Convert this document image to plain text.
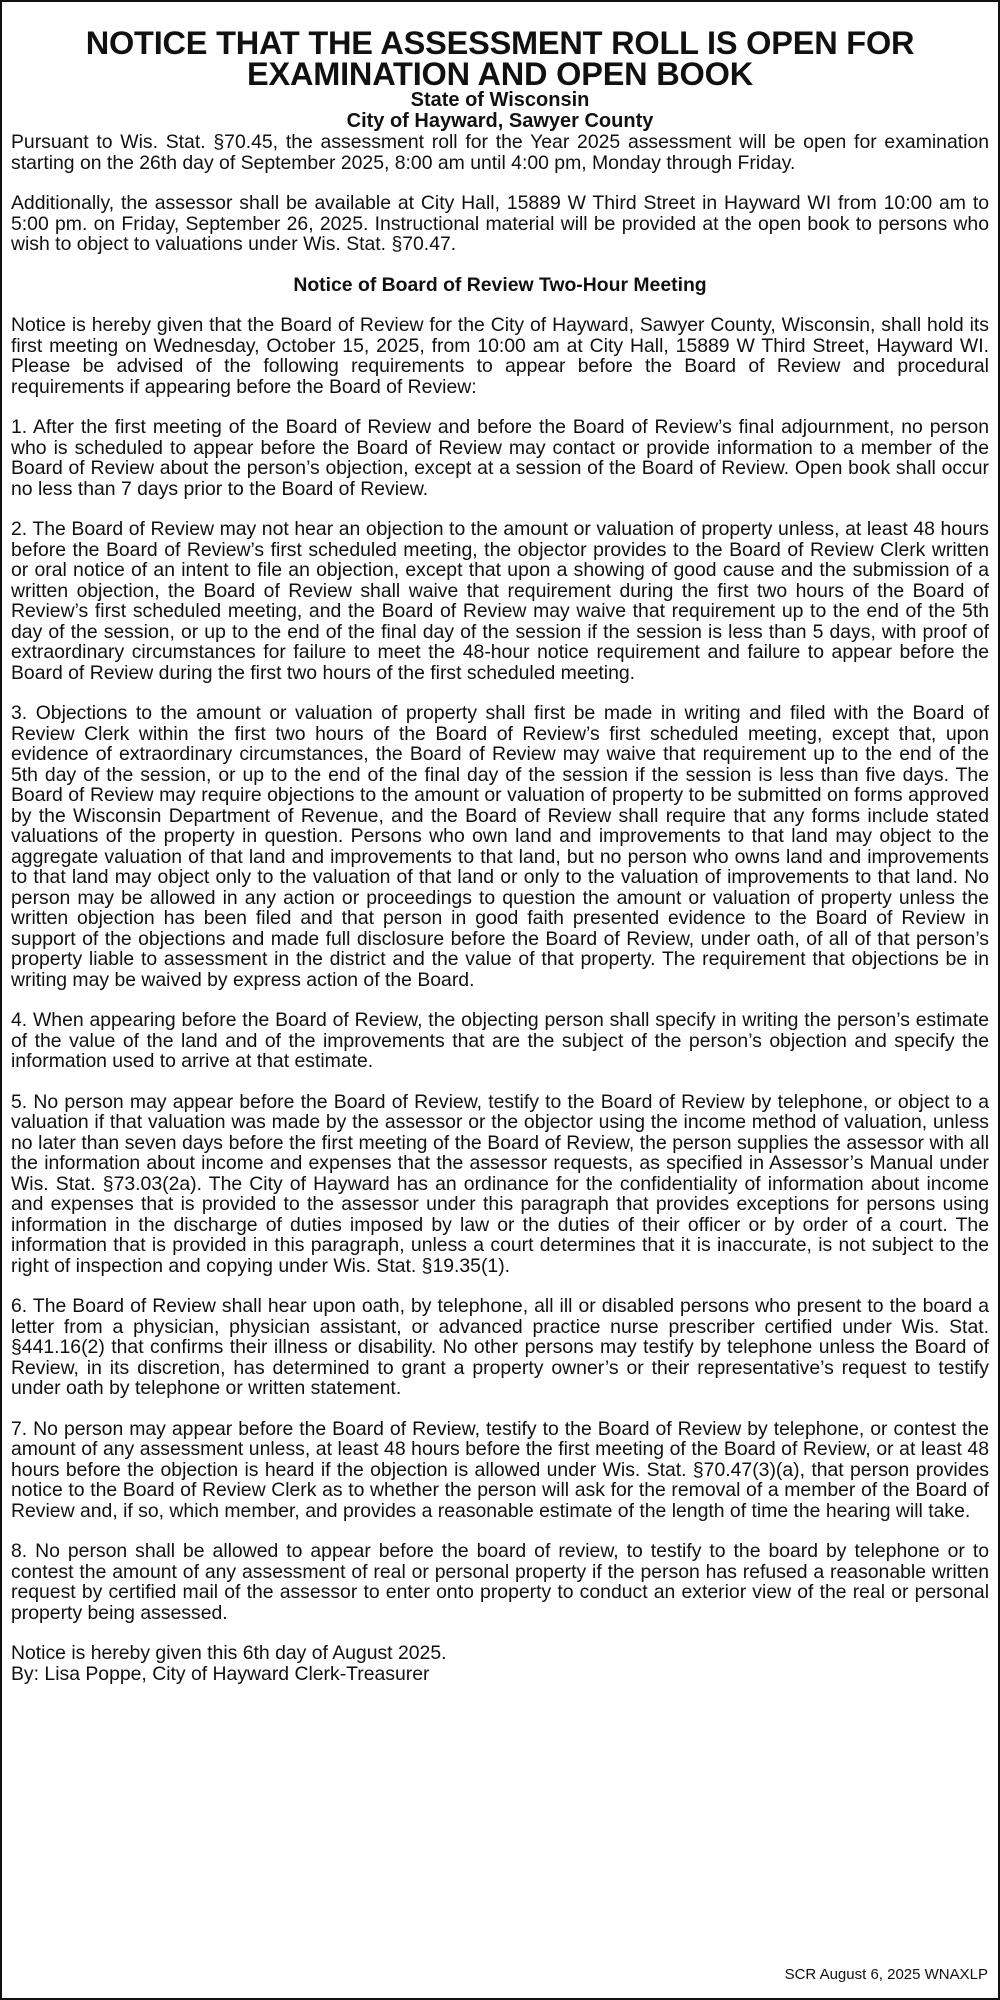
NOTICE THAT THE ASSESSMENT ROLL IS OPEN FOR
EXAMINATION AND OPEN BOOK

State of Wisconsin

City of Hayward, Sawyer County

Pursuant to Wis. Stat. §70.45, the assessment roll for the Year 2025 assessment will be open for examination starting on the 26th day of September 2025, 8:00 am until 4:00 pm, Monday through Friday.

Additionally, the assessor shall be available at City Hall, 15889 W Third Street in Hayward WI from 10:00 am to 5:00 pm. on Friday, September 26, 2025. Instructional material will be provided at the open book to persons who wish to object to valuations under Wis. Stat. §70.47.

Notice of Board of Review Two-Hour Meeting

Notice is hereby given that the Board of Review for the City of Hayward, Sawyer County, Wisconsin, shall hold its first meeting on Wednesday, October 15, 2025, from 10:00 am at City Hall, 15889 W Third Street, Hayward WI. Please be advised of the following requirements to appear before the Board of Review and procedural requirements if appearing before the Board of Review:

1. After the first meeting of the Board of Review and before the Board of Review’s final adjournment, no person who is scheduled to appear before the Board of Review may contact or provide information to a member of the Board of Review about the person’s objection, except at a session of the Board of Review. Open book shall occur no less than 7 days prior to the Board of Review.

2. The Board of Review may not hear an objection to the amount or valuation of property unless, at least 48 hours before the Board of Review’s first scheduled meeting, the objector provides to the Board of Review Clerk written or oral notice of an intent to file an objection, except that upon a showing of good cause and the submission of a written objection, the Board of Review shall waive that requirement during the first two hours of the Board of Review’s first scheduled meeting, and the Board of Review may waive that requirement up to the end of the 5th day of the session, or up to the end of the final day of the session if the session is less than 5 days, with proof of extraordinary circumstances for failure to meet the 48-hour notice requirement and failure to appear before the Board of Review during the first two hours of the first scheduled meeting.

3. Objections to the amount or valuation of property shall first be made in writing and filed with the Board of Review Clerk within the first two hours of the Board of Review’s first scheduled meeting, except that, upon evidence of extraordinary circumstances, the Board of Review may waive that requirement up to the end of the 5th day of the session, or up to the end of the final day of the session if the session is less than five days. The Board of Review may require objections to the amount or valuation of property to be submitted on forms approved by the Wisconsin Department of Revenue, and the Board of Review shall require that any forms include stated valuations of the property in question. Persons who own land and improvements to that land may object to the aggregate valuation of that land and improvements to that land, but no person who owns land and improvements to that land may object only to the valuation of that land or only to the valuation of improvements to that land. No person may be allowed in any action or proceedings to question the amount or valuation of property unless the written objection has been filed and that person in good faith presented evidence to the Board of Review in support of the objections and made full disclosure before the Board of Review, under oath, of all of that person’s property liable to assessment in the district and the value of that property. The requirement that objections be in writing may be waived by express action of the Board.

4. When appearing before the Board of Review, the objecting person shall specify in writing the person’s estimate of the value of the land and of the improvements that are the subject of the person’s objection and specify the information used to arrive at that estimate.

5. No person may appear before the Board of Review, testify to the Board of Review by telephone, or object to a valuation if that valuation was made by the assessor or the objector using the income method of valuation, unless no later than seven days before the first meeting of the Board of Review, the person supplies the assessor with all the information about income and expenses that the assessor requests, as specified in Assessor’s Manual under Wis. Stat. §73.03(2a). The City of Hayward has an ordinance for the confidentiality of information about income and expenses that is provided to the assessor under this paragraph that provides exceptions for persons using information in the discharge of duties imposed by law or the duties of their officer or by order of a court. The information that is provided in this paragraph, unless a court determines that it is inaccurate, is not subject to the right of inspection and copying under Wis. Stat. §19.35(1).

6. The Board of Review shall hear upon oath, by telephone, all ill or disabled persons who present to the board a letter from a physician, physician assistant, or advanced practice nurse prescriber certified under Wis. Stat. §441.16(2) that confirms their illness or disability. No other persons may testify by telephone unless the Board of Review, in its discretion, has determined to grant a property owner’s or their representative’s request to testify under oath by telephone or written statement.

7. No person may appear before the Board of Review, testify to the Board of Review by telephone, or contest the amount of any assessment unless, at least 48 hours before the first meeting of the Board of Review, or at least 48 hours before the objection is heard if the objection is allowed under Wis. Stat. §70.47(3)(a), that person provides notice to the Board of Review Clerk as to whether the person will ask for the removal of a member of the Board of Review and, if so, which member, and provides a reasonable estimate of the length of time the hearing will take.

8. No person shall be allowed to appear before the board of review, to testify to the board by telephone or to contest the amount of any assessment of real or personal property if the person has refused a reasonable written request by certified mail of the assessor to enter onto property to conduct an exterior view of the real or personal property being assessed.

Notice is hereby given this 6th day of August 2025.

By: Lisa Poppe, City of Hayward Clerk-Treasurer

SCR August 6, 2025 WNAXLP
